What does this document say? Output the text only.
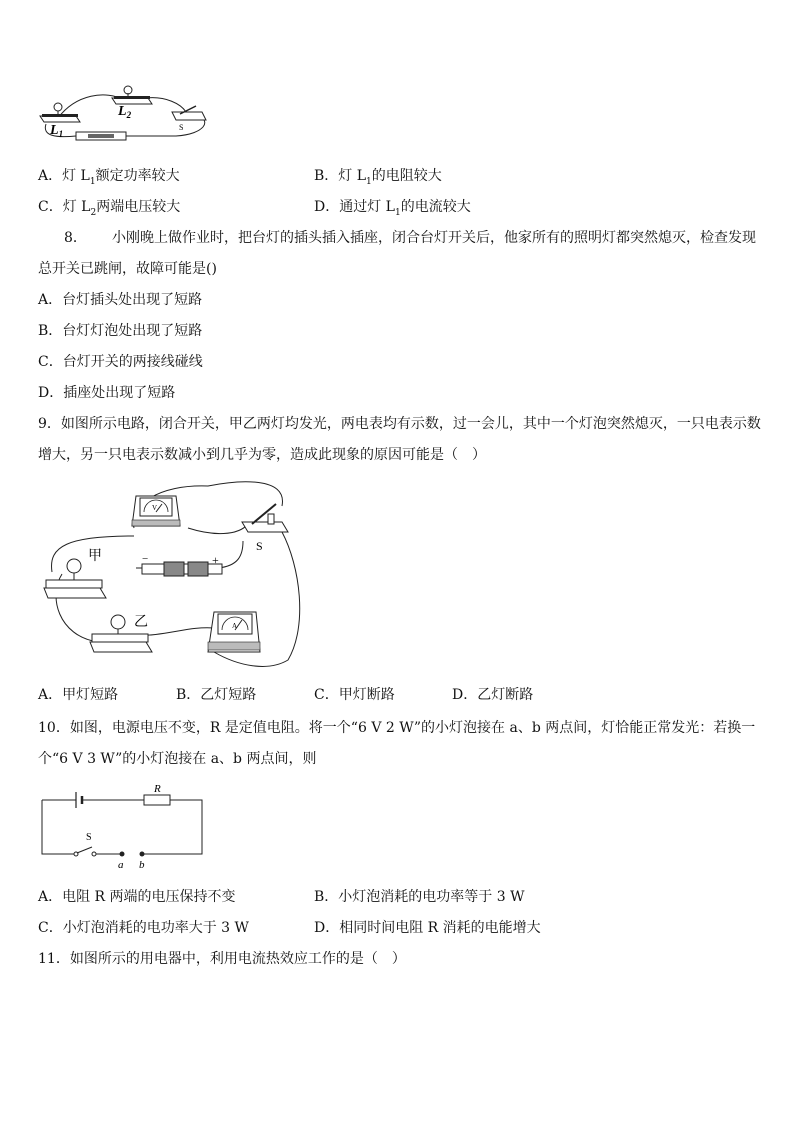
$L_1$
$L_2$
S
A．灯 $L_1$额定功率较大	B．灯 $L_1$的电阻较大
C．灯 $L_2$两端电压较大	D．通过灯 $L_1$的电流较大
8． 小刚晚上做作业时，把台灯的插头插入插座，闭合台灯开关后，他家所有的照明灯都突然熄灭，检查发现
总开关已跳闸，故障可能是()
A．台灯插头处出现了短路
B．台灯灯泡处出现了短路
C．台灯开关的两接线碰线
D．插座处出现了短路
9．如图所示电路，闭合开关，甲乙两灯均发光，两电表均有示数，过一会儿，其中一个灯泡突然熄灭，一只电表示数
增大，另一只电表示数减小到几乎为零，造成此现象的原因可能是（　）
V
S
−	+
甲
乙	A
A．甲灯短路	B．乙灯短路	C．甲灯断路	D．乙灯断路
10．如图，电源电压不变，R 是定值电阻。将一个“6 V 2 W”的小灯泡接在 a、b 两点间，灯恰能正常发光：若换一
个“6 V 3 W”的小灯泡接在 a、b 两点间，则
R
S
a b
A．电阻 R 两端的电压保持不变	B．小灯泡消耗的电功率等于 3 W
C．小灯泡消耗的电功率大于 3 W	D．相同时间电阻 R 消耗的电能增大
11．如图所示的用电器中，利用电流热效应工作的是（　）
